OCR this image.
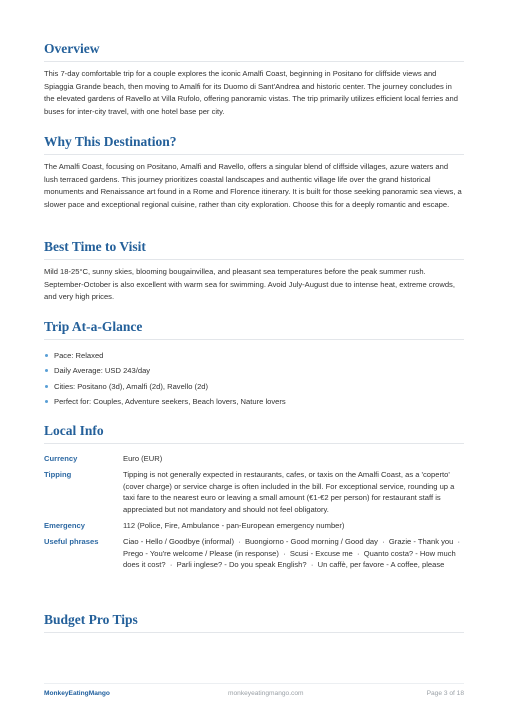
Overview

This 7-day comfortable trip for a couple explores the iconic Amalfi Coast, beginning in Positano for cliffside views and Spiaggia Grande beach, then moving to Amalfi for its Duomo di Sant'Andrea and historic center. The journey concludes in the elevated gardens of Ravello at Villa Rufolo, offering panoramic vistas. The trip primarily utilizes efficient local ferries and buses for inter-city travel, with one hotel base per city.

Why This Destination?

The Amalfi Coast, focusing on Positano, Amalfi and Ravello, offers a singular blend of cliffside villages, azure waters and lush terraced gardens. This journey prioritizes coastal landscapes and authentic village life over the grand historical monuments and Renaissance art found in a Rome and Florence itinerary. It is built for those seeking panoramic sea views, a slower pace and exceptional regional cuisine, rather than city exploration. Choose this for a deeply romantic and escape.

Best Time to Visit

Mild 18-25°C, sunny skies, blooming bougainvillea, and pleasant sea temperatures before the peak summer rush. September-October is also excellent with warm sea for swimming. Avoid July-August due to intense heat, extreme crowds, and very high prices.

Trip At-a-Glance
Pace: Relaxed
Daily Average: USD 243/day
Cities: Positano (3d), Amalfi (2d), Ravello (2d)
Perfect for: Couples, Adventure seekers, Beach lovers, Nature lovers
Local Info
Currency	Euro (EUR)
Tipping	Tipping is not generally expected in restaurants, cafes, or taxis on the Amalfi Coast, as a 'coperto' (cover charge) or service charge is often included in the bill. For exceptional service, rounding up a taxi fare to the nearest euro or leaving a small amount (€1-€2 per person) for restaurant staff is appreciated but not mandatory and should not feel obligatory.
Emergency	112 (Police, Fire, Ambulance - pan-European emergency number)
Useful phrases	Ciao - Hello / Goodbye (informal)  ·  Buongiorno - Good morning / Good day  ·  Grazie - Thank you  ·  Prego - You're welcome / Please (in response)  ·  Scusi - Excuse me  ·  Quanto costa? - How much does it cost?  ·  Parli inglese? - Do you speak English?  ·  Un caffè, per favore - A coffee, please
Budget Pro Tips
MonkeyEatingMango	monkeyeatingmango.com	Page 3 of 18
